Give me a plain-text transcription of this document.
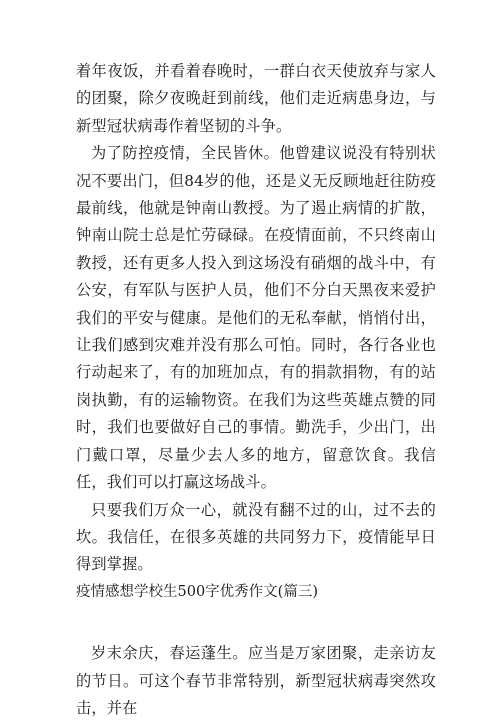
着年夜饭，并看着春晚时，一群白衣天使放弃与家人的团聚，除夕夜晚赶到前线，他们走近病患身边，与新型冠状病毒作着坚韧的斗争。

为了防控疫情，全民皆休。他曾建议说没有特别状况不要出门，但84岁的他，还是义无反顾地赶往防疫最前线，他就是钟南山教授。为了遏止病情的扩散，钟南山院士总是忙劳碌碌。在疫情面前，不只终南山教授，还有更多人投入到这场没有硝烟的战斗中，有公安，有军队与医护人员，他们不分白天黑夜来爱护我们的平安与健康。是他们的无私奉献，悄悄付出，让我们感到灾难并没有那么可怕。同时，各行各业也行动起来了，有的加班加点，有的捐款捐物，有的站岗执勤，有的运输物资。在我们为这些英雄点赞的同时，我们也要做好自己的事情。勤洗手，少出门，出门戴口罩，尽量少去人多的地方，留意饮食。我信任，我们可以打赢这场战斗。

只要我们万众一心，就没有翻不过的山，过不去的坎。我信任，在很多英雄的共同努力下，疫情能早日得到掌握。

疫情感想学校生500字优秀作文(篇三)

岁末余庆，春运蓬生。应当是万家团聚，走亲访友的节日。可这个春节非常特别，新型冠状病毒突然攻击，并在
